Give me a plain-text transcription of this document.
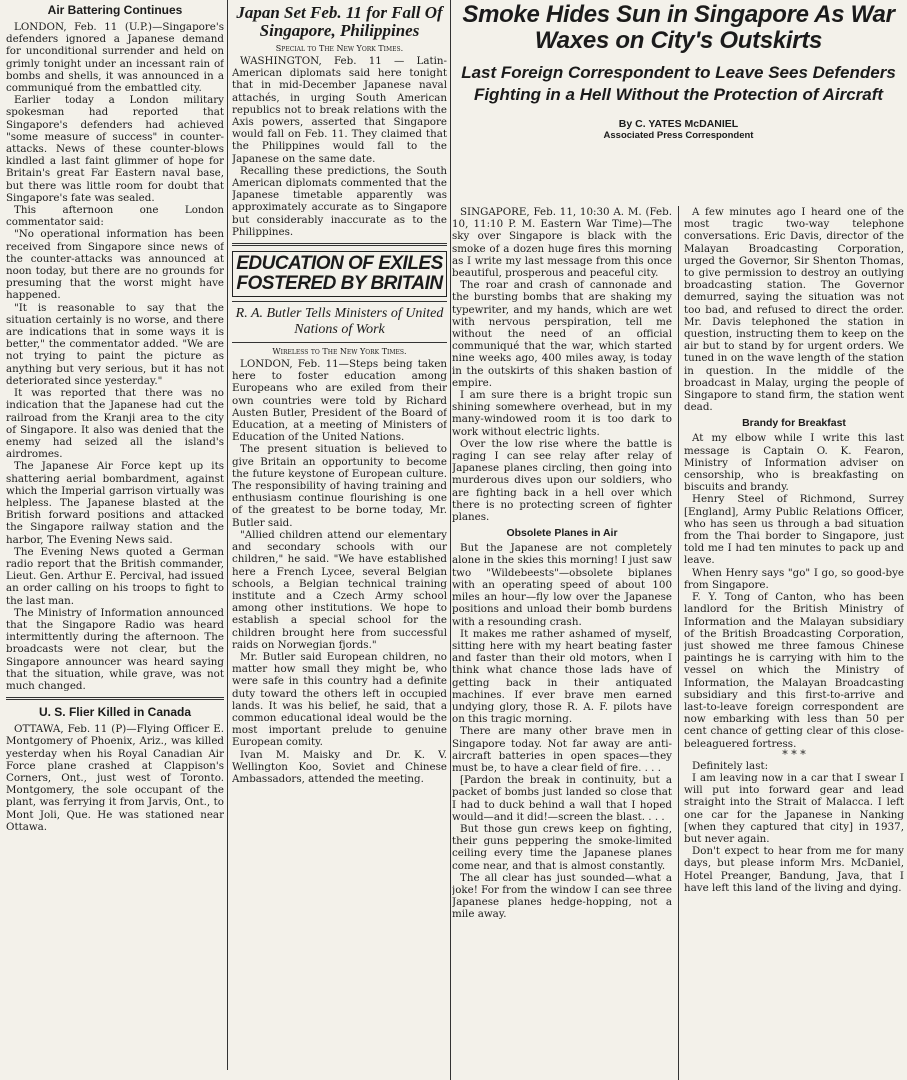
Air Battering Continues

LONDON, Feb. 11 (U.P.)—Singapore's defenders ignored a Japanese demand for unconditional surrender and held on grimly tonight under an incessant rain of bombs and shells, it was announced in a communiqué from the embattled city.

Earlier today a London military spokesman had reported that Singapore's defenders had achieved "some measure of success" in counter-attacks. News of these counter-blows kindled a last faint glimmer of hope for Britain's great Far Eastern naval base, but there was little room for doubt that Singapore's fate was sealed.

This afternoon one London commentator said:

"No operational information has been received from Singapore since news of the counter-attacks was announced at noon today, but there are no grounds for presuming that the worst might have happened.

"It is reasonable to say that the situation certainly is no worse, and there are indications that in some ways it is better," the commentator added. "We are not trying to paint the picture as anything but very serious, but it has not deteriorated since yesterday."

It was reported that there was no indication that the Japanese had cut the railroad from the Kranji area to the city of Singapore. It also was denied that the enemy had seized all the island's airdromes.

The Japanese Air Force kept up its shattering aerial bombardment, against which the Imperial garrison virtually was helpless. The Japanese blasted at the British forward positions and attacked the Singapore railway station and the harbor, The Evening News said.

The Evening News quoted a German radio report that the British commander, Lieut. Gen. Arthur E. Percival, had issued an order calling on his troops to fight to the last man.

The Ministry of Information announced that the Singapore Radio was heard intermittently during the afternoon. The broadcasts were not clear, but the Singapore announcer was heard saying that the situation, while grave, was not much changed.

U. S. Flier Killed in Canada

OTTAWA, Feb. 11 (P)—Flying Officer E. Montgomery of Phoenix, Ariz., was killed yesterday when his Royal Canadian Air Force plane crashed at Clappison's Corners, Ont., just west of Toronto. Montgomery, the sole occupant of the plant, was ferrying it from Jarvis, Ont., to Mont Joli, Que. He was stationed near Ottawa.

Japan Set Feb. 11 for Fall Of Singapore, Philippines
Special to The New York Times.

WASHINGTON, Feb. 11 — Latin-American diplomats said here tonight that in mid-December Japanese naval attachés, in urging South American republics not to break relations with the Axis powers, asserted that Singapore would fall on Feb. 11. They claimed that the Philippines would fall to the Japanese on the same date.

Recalling these predictions, the South American diplomats commented that the Japanese timetable apparently was approximately accurate as to Singapore but considerably inaccurate as to the Philippines.

EDUCATION OF EXILES FOSTERED BY BRITAIN
R. A. Butler Tells Ministers of United Nations of Work
Wireless to The New York Times.

LONDON, Feb. 11—Steps being taken here to foster education among Europeans who are exiled from their own countries were told by Richard Austen Butler, President of the Board of Education, at a meeting of Ministers of Education of the United Nations.

The present situation is believed to give Britain an opportunity to become the future keystone of European culture. The responsibility of having training and enthusiasm continue flourishing is one of the greatest to be borne today, Mr. Butler said.

"Allied children attend our elementary and secondary schools with our children," he said. "We have established here a French Lycee, several Belgian schools, a Belgian technical training institute and a Czech Army school among other institutions. We hope to establish a special school for the children brought here from successful raids on Norwegian fjords."

Mr. Butler said European children, no matter how small they might be, who were safe in this country had a definite duty toward the others left in occupied lands. It was his belief, he said, that a common educational ideal would be the most important prelude to genuine European comity.

Ivan M. Maisky and Dr. K. V. Wellington Koo, Soviet and Chinese Ambassadors, attended the meeting.

Smoke Hides Sun in Singapore As War Waxes on City's Outskirts
Last Foreign Correspondent to Leave Sees Defenders Fighting in a Hell Without the Protection of Aircraft
By C. YATES McDANIEL
Associated Press Correspondent

SINGAPORE, Feb. 11, 10:30 A. M. (Feb. 10, 11:10 P. M. Eastern War Time)—The sky over Singapore is black with the smoke of a dozen huge fires this morning as I write my last message from this once beautiful, prosperous and peaceful city.

The roar and crash of cannonade and the bursting bombs that are shaking my typewriter, and my hands, which are wet with nervous perspiration, tell me without the need of an official communiqué that the war, which started nine weeks ago, 400 miles away, is today in the outskirts of this shaken bastion of empire.

I am sure there is a bright tropic sun shining somewhere overhead, but in my many-windowed room it is too dark to work without electric lights.

Over the low rise where the battle is raging I can see relay after relay of Japanese planes circling, then going into murderous dives upon our soldiers, who are fighting back in a hell over which there is no protecting screen of fighter planes.

Obsolete Planes in Air

But the Japanese are not completely alone in the skies this morning! I just saw two "Wildebeests"—obsolete biplanes with an operating speed of about 100 miles an hour—fly low over the Japanese positions and unload their bomb burdens with a resounding crash.

It makes me rather ashamed of myself, sitting here with my heart beating faster and faster than their old motors, when I think what chance those lads have of getting back in their antiquated machines. If ever brave men earned undying glory, those R. A. F. pilots have on this tragic morning.

There are many other brave men in Singapore today. Not far away are anti-aircraft batteries in open spaces—they must be, to have a clear field of fire. . . .

[Pardon the break in continuity, but a packet of bombs just landed so close that I had to duck behind a wall that I hoped would—and it did!—screen the blast. . . .

But those gun crews keep on fighting, their guns peppering the smoke-limited ceiling every time the Japanese planes come near, and that is almost constantly.

The all clear has just sounded—what a joke! For from the window I can see three Japanese planes hedge-hopping, not a mile away.

A few minutes ago I heard one of the most tragic two-way telephone conversations. Eric Davis, director of the Malayan Broadcasting Corporation, urged the Governor, Sir Shenton Thomas, to give permission to destroy an outlying broadcasting station. The Governor demurred, saying the situation was not too bad, and refused to direct the order. Mr. Davis telephoned the station in question, instructing them to keep on the air but to stand by for urgent orders. We tuned in on the wave length of the station in question. In the middle of the broadcast in Malay, urging the people of Singapore to stand firm, the station went dead.

Brandy for Breakfast

At my elbow while I write this last message is Captain O. K. Fearon, Ministry of Information adviser on censorship, who is breakfasting on biscuits and brandy.

Henry Steel of Richmond, Surrey [England], Army Public Relations Officer, who has seen us through a bad situation from the Thai border to Singapore, just told me I had ten minutes to pack up and leave.

When Henry says "go" I go, so good-bye from Singapore.

F. Y. Tong of Canton, who has been landlord for the British Ministry of Information and the Malayan subsidiary of the British Broadcasting Corporation, just showed me three famous Chinese paintings he is carrying with him to the vessel on which the Ministry of Information, the Malayan Broadcasting subsidiary and this first-to-arrive and last-to-leave foreign correspondent are now embarking with less than 50 per cent chance of getting clear of this close-beleaguered fortress.

* * *

Definitely last:

I am leaving now in a car that I swear I will put into forward gear and lead straight into the Strait of Malacca. I left one car for the Japanese in Nanking [when they captured that city] in 1937, but never again.

Don't expect to hear from me for many days, but please inform Mrs. McDaniel, Hotel Preanger, Bandung, Java, that I have left this land of the living and dying.
